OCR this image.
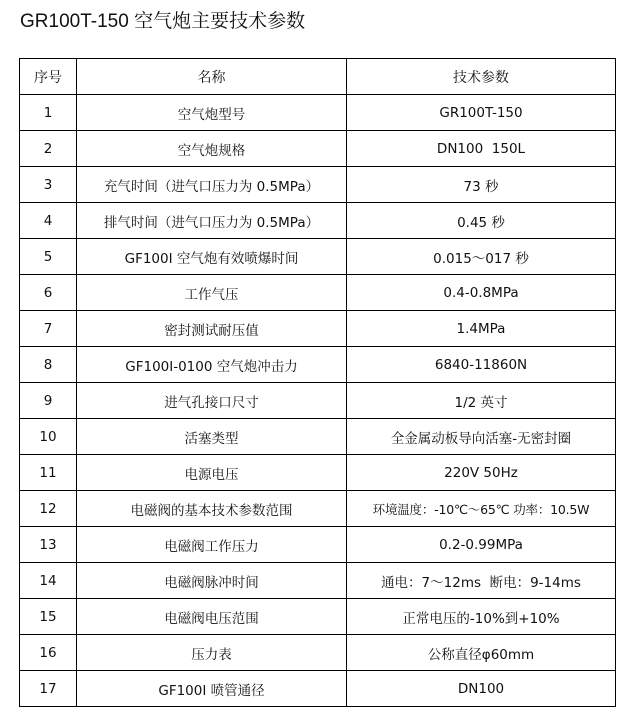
GR100T-150 空气炮主要技术参数
序号	名称	技术参数
1	空气炮型号	GR100T-150
2	空气炮规格	DN100  150L
3	充气时间（进气口压力为 0.5MPa）	73 秒
4	排气时间（进气口压力为 0.5MPa）	0.45 秒
5	GF100I 空气炮有效喷爆时间	0.015～017 秒
6	工作气压	0.4-0.8MPa
7	密封测试耐压值	1.4MPa
8	GF100I-0100 空气炮冲击力	6840-11860N
9	进气孔接口尺寸	1/2 英寸
10	活塞类型	全金属动板导向活塞-无密封圈
11	电源电压	220V 50Hz
12	电磁阀的基本技术参数范围	环境温度：-10℃～65℃ 功率：10.5W
13	电磁阀工作压力	0.2-0.99MPa
14	电磁阀脉冲时间	通电：7～12ms  断电：9-14ms
15	电磁阀电压范围	正常电压的-10%到+10%
16	压力表	公称直径φ60mm
17	GF100I 喷管通径	DN100
